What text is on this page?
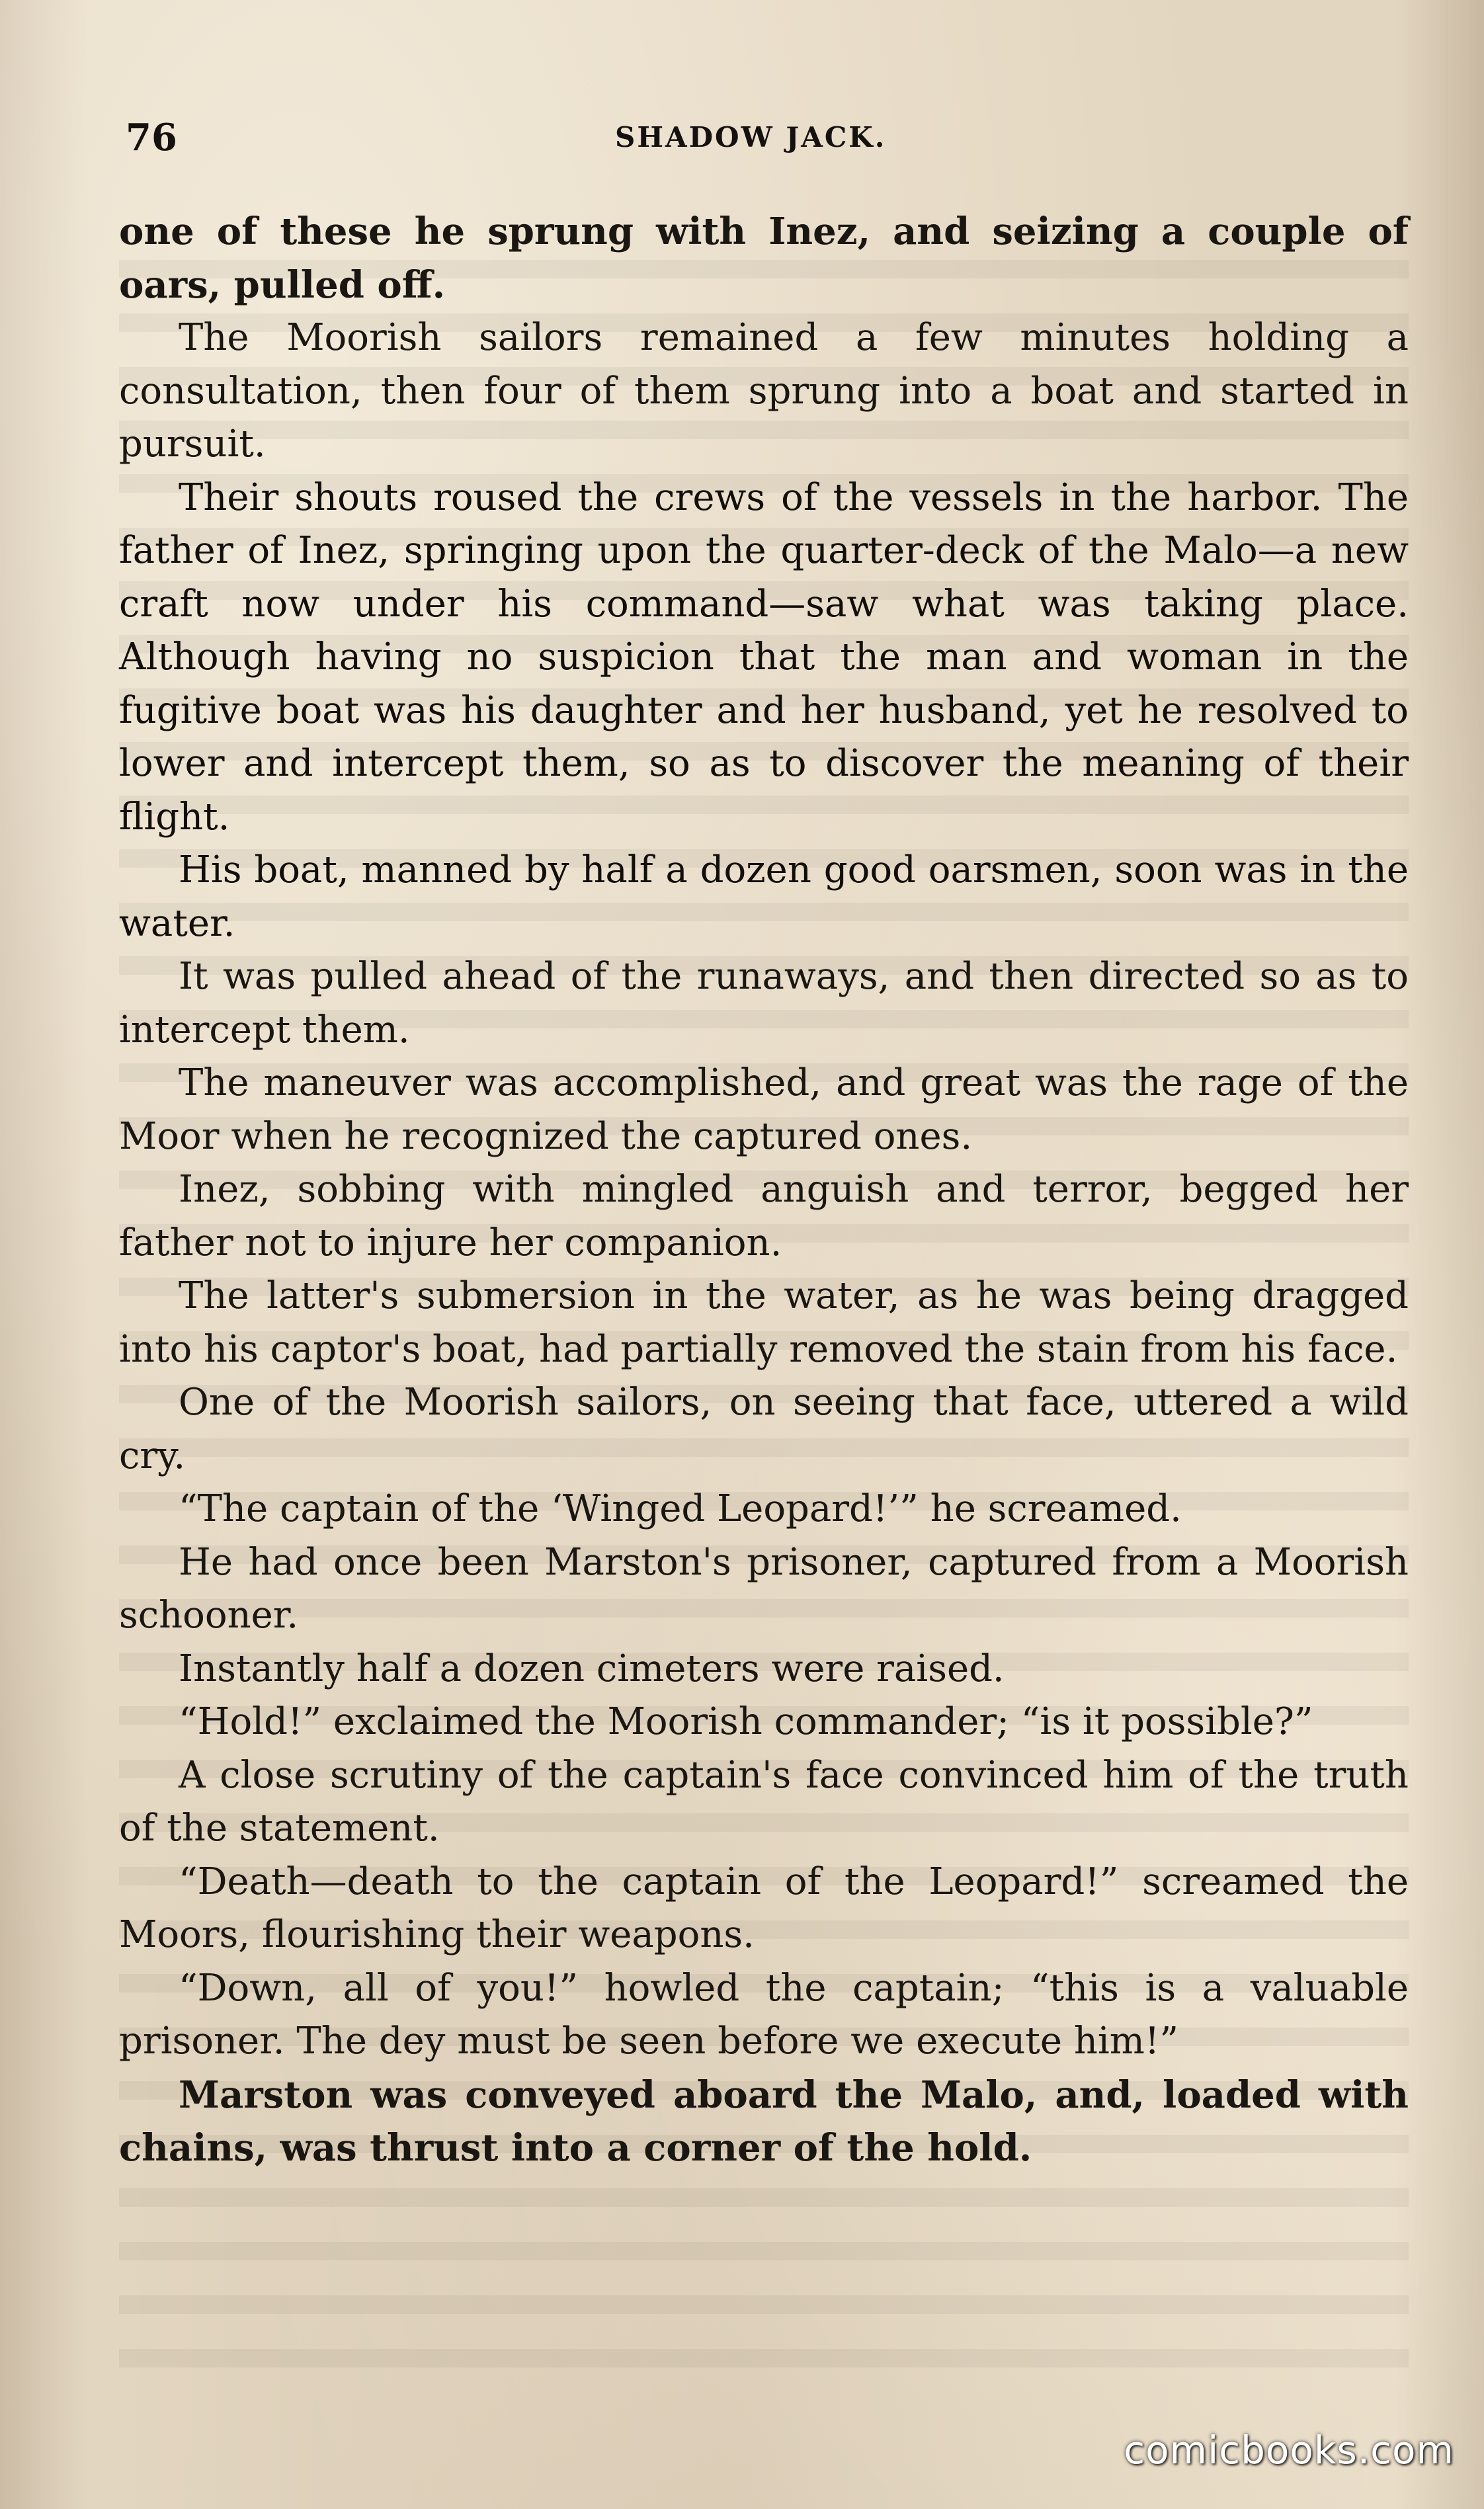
76	SHADOW JACK.

one of these he sprung with Inez, and seizing a couple of oars, pulled off.

The Moorish sailors remained a few minutes holding a consultation, then four of them sprung into a boat and started in pursuit.

Their shouts roused the crews of the vessels in the harbor. The father of Inez, springing upon the quarter-deck of the Malo—a new craft now under his command—saw what was taking place. Although having no suspicion that the man and woman in the fugitive boat was his daughter and her husband, yet he resolved to lower and intercept them, so as to discover the meaning of their flight.

His boat, manned by half a dozen good oarsmen, soon was in the water.

It was pulled ahead of the runaways, and then directed so as to intercept them.

The maneuver was accomplished, and great was the rage of the Moor when he recognized the captured ones.

Inez, sobbing with mingled anguish and terror, begged her father not to injure her companion.

The latter's submersion in the water, as he was being dragged into his captor's boat, had partially removed the stain from his face.

One of the Moorish sailors, on seeing that face, uttered a wild cry.

“The captain of the ‘Winged Leopard!’” he screamed.

He had once been Marston's prisoner, captured from a Moorish schooner.

Instantly half a dozen cimeters were raised.

“Hold!” exclaimed the Moorish commander; “is it possible?”

A close scrutiny of the captain's face convinced him of the truth of the statement.

“Death—death to the captain of the Leopard!” screamed the Moors, flourishing their weapons.

“Down, all of you!” howled the captain; “this is a valuable prisoner. The dey must be seen before we execute him!”

Marston was conveyed aboard the Malo, and, loaded with chains, was thrust into a corner of the hold.

comicbooks.com
